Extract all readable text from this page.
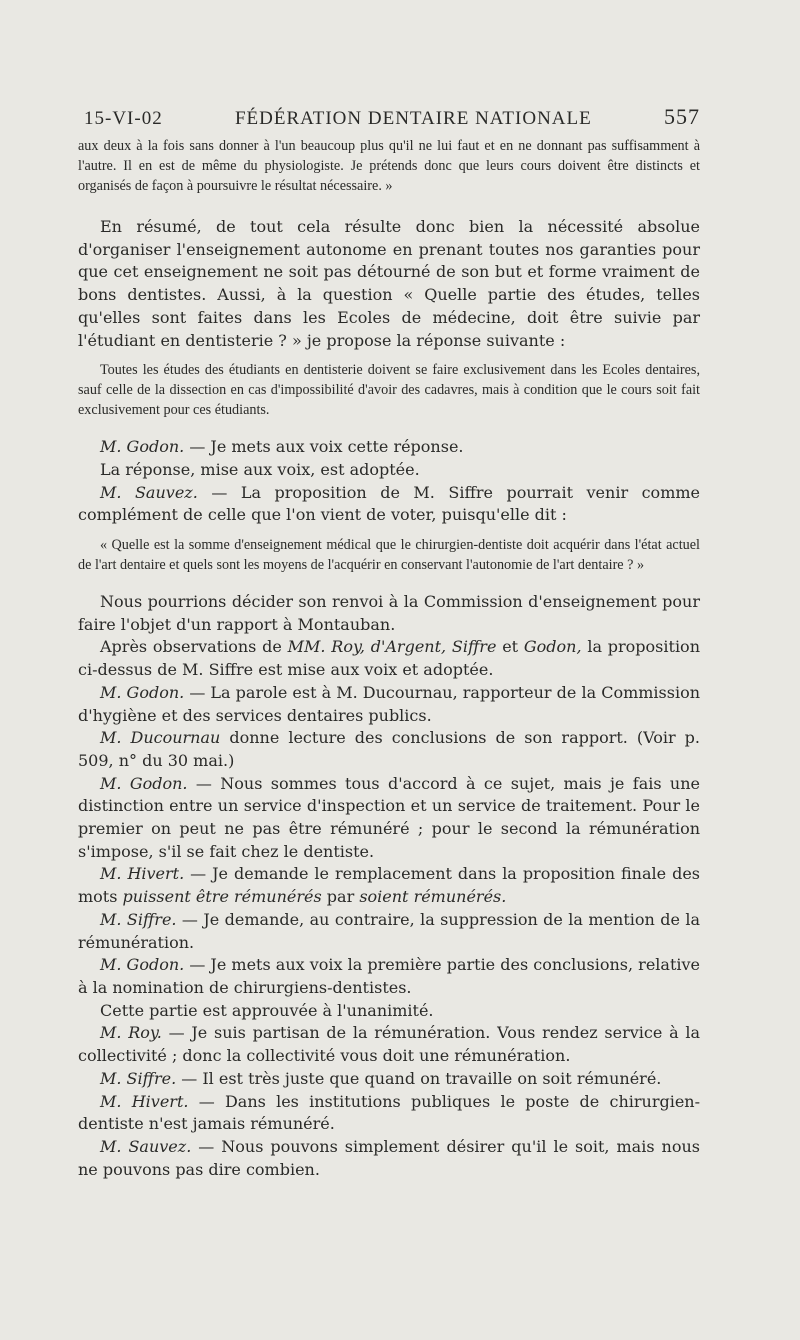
15-VI-02	FÉDÉRATION DENTAIRE NATIONALE	557

aux deux à la fois sans donner à l'un beaucoup plus qu'il ne lui faut et en ne donnant pas suffisamment à l'autre. Il en est de même du physiologiste. Je prétends donc que leurs cours doivent être distincts et organisés de façon à poursuivre le résultat nécessaire. »

En résumé, de tout cela résulte donc bien la nécessité absolue d'organiser l'enseignement autonome en prenant toutes nos garanties pour que cet enseignement ne soit pas détourné de son but et forme vraiment de bons dentistes. Aussi, à la question « Quelle partie des études, telles qu'elles sont faites dans les Ecoles de médecine, doit être suivie par l'étudiant en dentisterie ? » je propose la réponse suivante :

Toutes les études des étudiants en dentisterie doivent se faire exclusivement dans les Ecoles dentaires, sauf celle de la dissection en cas d'impossibilité d'avoir des cadavres, mais à condition que le cours soit fait exclusivement pour ces étudiants.

M. Godon. — Je mets aux voix cette réponse.

La réponse, mise aux voix, est adoptée.

M. Sauvez. — La proposition de M. Siffre pourrait venir comme complément de celle que l'on vient de voter, puisqu'elle dit :

« Quelle est la somme d'enseignement médical que le chirurgien-dentiste doit acquérir dans l'état actuel de l'art dentaire et quels sont les moyens de l'acquérir en conservant l'autonomie de l'art dentaire ? »

Nous pourrions décider son renvoi à la Commission d'enseignement pour faire l'objet d'un rapport à Montauban.

Après observations de MM. Roy, d'Argent, Siffre et Godon, la proposition ci-dessus de M. Siffre est mise aux voix et adoptée.

M. Godon. — La parole est à M. Ducournau, rapporteur de la Commission d'hygiène et des services dentaires publics.

M. Ducournau donne lecture des conclusions de son rapport. (Voir p. 509, n° du 30 mai.)

M. Godon. — Nous sommes tous d'accord à ce sujet, mais je fais une distinction entre un service d'inspection et un service de traitement. Pour le premier on peut ne pas être rémunéré ; pour le second la rémunération s'impose, s'il se fait chez le dentiste.

M. Hivert. — Je demande le remplacement dans la proposition finale des mots puissent être rémunérés par soient rémunérés.

M. Siffre. — Je demande, au contraire, la suppression de la mention de la rémunération.

M. Godon. — Je mets aux voix la première partie des conclusions, relative à la nomination de chirurgiens-dentistes.

Cette partie est approuvée à l'unanimité.

M. Roy. — Je suis partisan de la rémunération. Vous rendez service à la collectivité ; donc la collectivité vous doit une rémunération.

M. Siffre. — Il est très juste que quand on travaille on soit rémunéré.

M. Hivert. — Dans les institutions publiques le poste de chirurgien-dentiste n'est jamais rémunéré.

M. Sauvez. — Nous pouvons simplement désirer qu'il le soit, mais nous ne pouvons pas dire combien.
